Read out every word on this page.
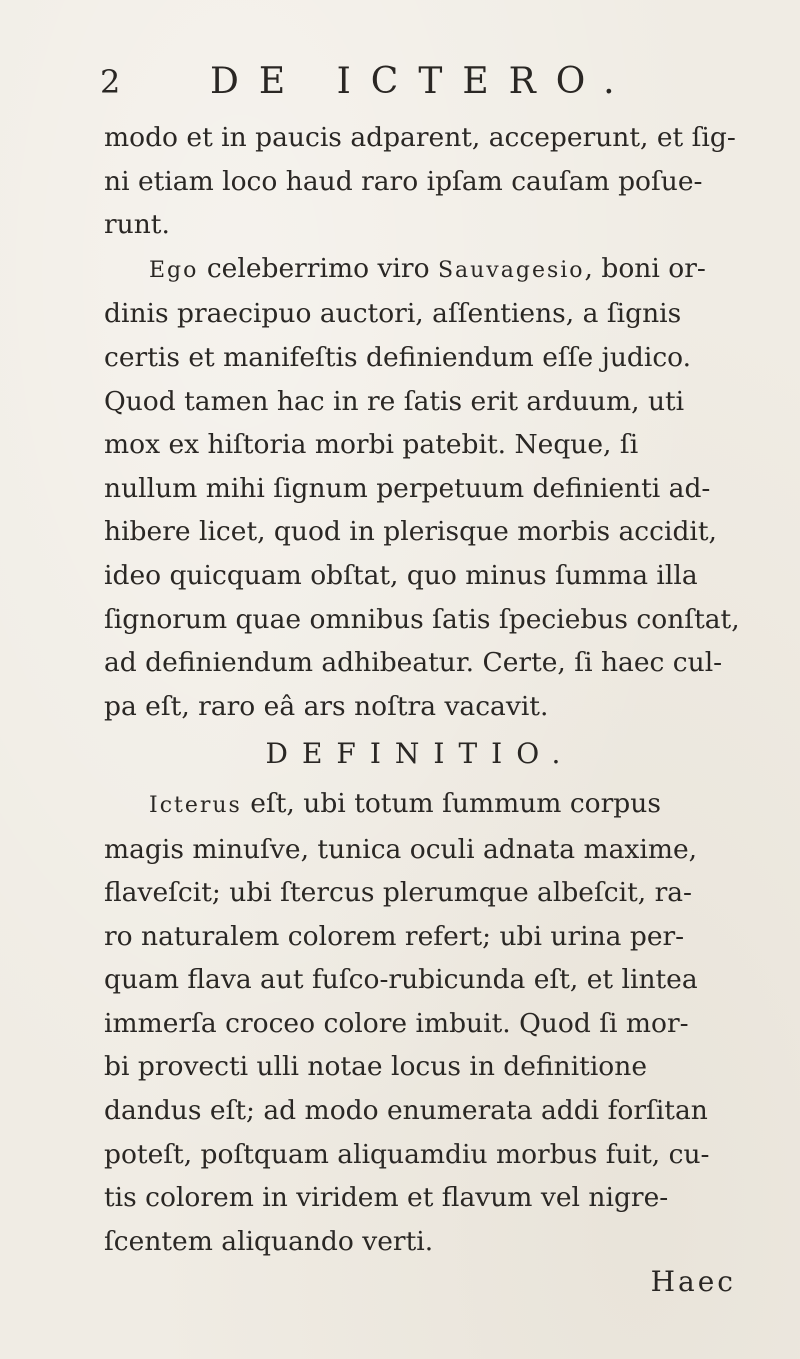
2 DE ICTERO.
modo et in paucis adparent, acceperunt, et ſig-
ni etiam loco haud raro ipſam cauſam poſue-
runt.
Ego celeberrimo viro Sauvagesio, boni or-
dinis praecipuo auctori, aſſentiens, a ſignis
certis et manifeſtis definiendum eſſe judico.
Quod tamen hac in re ſatis erit arduum, uti
mox ex hiſtoria morbi patebit. Neque, ſi
nullum mihi ſignum perpetuum definienti ad-
hibere licet, quod in plerisque morbis accidit,
ideo quicquam obſtat, quo minus ſumma illa
ſignorum quae omnibus ſatis ſpeciebus conſtat,
ad definiendum adhibeatur. Certe, ſi haec cul-
pa eſt, raro eâ ars noſtra vacavit.
DEFINITIO.
Icterus eſt, ubi totum ſummum corpus
magis minuſve, tunica oculi adnata maxime,
flaveſcit; ubi ſtercus plerumque albeſcit, ra-
ro naturalem colorem refert; ubi urina per-
quam flava aut fuſco-rubicunda eſt, et lintea
immerſa croceo colore imbuit. Quod ſi mor-
bi provecti ulli notae locus in definitione
dandus eſt; ad modo enumerata addi forſitan
poteſt, poſtquam aliquamdiu morbus fuit, cu-
tis colorem in viridem et flavum vel nigre-
ſcentem aliquando verti.
Haec
